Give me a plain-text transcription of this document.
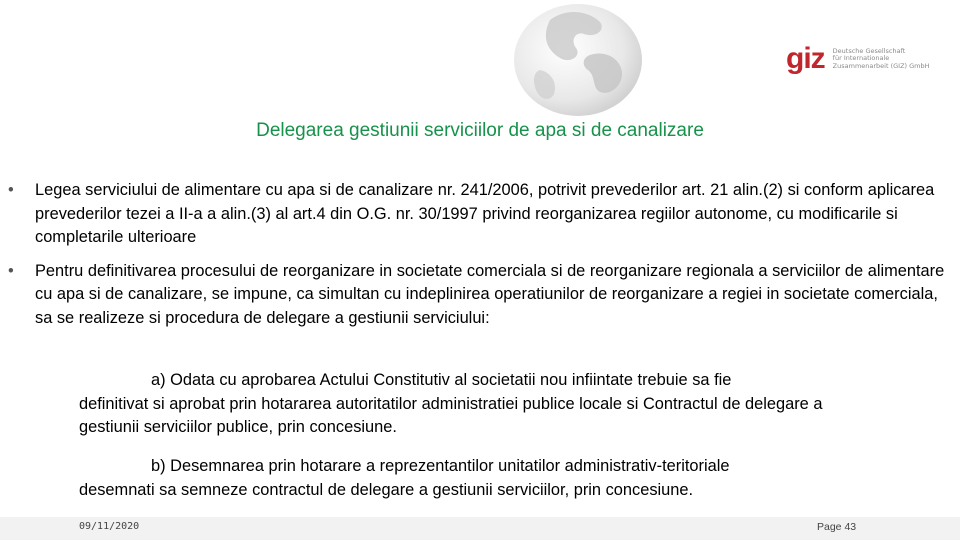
giz Deutsche Gesellschaft
für Internationale
Zusammenarbeit (GIZ) GmbH
Delegarea gestiunii serviciilor de apa si de canalizare
• Legea serviciului de alimentare cu apa si de canalizare nr. 241/2006, potrivit prevederilor art. 21 alin.(2) si conform aplicarea prevederilor tezei a II-a a alin.(3) al art.4 din O.G. nr. 30/1997 privind reorganizarea regiilor autonome, cu modificarile si completarile ulterioare
• Pentru definitivarea procesului de reorganizare in societate comerciala si de reorganizare regionala a serviciilor de alimentare cu apa si de canalizare, se impune, ca simultan cu indeplinirea operatiunilor de reorganizare a regiei in societate comerciala, sa se realizeze si procedura de delegare a gestiunii serviciului:
a) Odata cu aprobarea Actului Constitutiv al societatii nou infiintate trebuie sa fie
definitivat si aprobat prin hotararea autoritatilor administratiei publice locale si Contractul de delegare a gestiunii serviciilor publice, prin concesiune.
b) Desemnarea prin hotarare a reprezentantilor unitatilor administrativ-teritoriale
desemnati sa semneze contractul de delegare a gestiunii serviciilor, prin concesiune.
09/11/2020	Page 43
